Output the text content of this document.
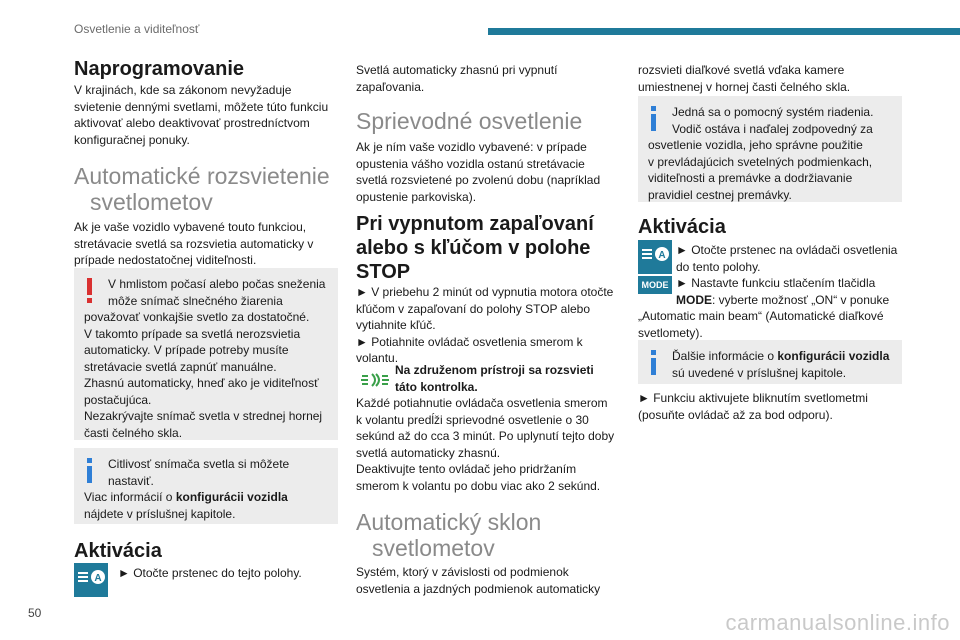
Osvetlenie a viditeľnosť
Naprogramovanie
V krajinách, kde sa zákonom nevyžaduje
svietenie dennými svetlami, môžete túto funkciu
aktivovať alebo deaktivovať prostredníctvom
konfiguračnej ponuky.
Automatické rozsvietenie
svetlometov
Ak je vaše vozidlo vybavené touto funkciou,
stretávacie svetlá sa rozsvietia automaticky v
prípade nedostatočnej viditeľnosti.
V hmlistom počasí alebo počas sneženia
môže snímač slnečného žiarenia
považovať vonkajšie svetlo za dostatočné.
V takomto prípade sa svetlá nerozsvietia
automaticky. V prípade potreby musíte
stretávacie svetlá zapnúť manuálne.
Zhasnú automaticky, hneď ako je viditeľnosť
postačujúca.
Nezakrývajte snímač svetla v strednej hornej
časti čelného skla.
Citlivosť snímača svetla si môžete
nastaviť.
Viac informácií o konfigurácii vozidla
nájdete v príslušnej kapitole.
Aktivácia
A ► Otočte prstenec do tejto polohy.
Svetlá automaticky zhasnú pri vypnutí
zapaľovania.
Sprievodné osvetlenie
Ak je ním vaše vozidlo vybavené: v prípade
opustenia vášho vozidla ostanú stretávacie
svetlá rozsvietené po zvolenú dobu (napríklad
opustenie parkoviska).
Pri vypnutom zapaľovaní
alebo s kľúčom v polohe
STOP
► V priebehu 2 minút od vypnutia motora otočte
kľúčom v zapaľovaní do polohy STOP alebo
vytiahnite kľúč.
► Potiahnite ovládač osvetlenia smerom k
volantu.
Na združenom prístroji sa rozsvieti
táto kontrolka.
Každé potiahnutie ovládača osvetlenia smerom
k volantu predĺži sprievodné osvetlenie o 30
sekúnd až do cca 3 minút. Po uplynutí tejto doby
svetlá automaticky zhasnú.
Deaktivujte tento ovládač jeho pridržaním
smerom k volantu po dobu viac ako 2 sekúnd.
Automatický sklon
svetlometov
Systém, ktorý v závislosti od podmienok
osvetlenia a jazdných podmienok automaticky
rozsvieti diaľkové svetlá vďaka kamere
umiestnenej v hornej časti čelného skla.
Jedná sa o pomocný systém riadenia.
Vodič ostáva i naďalej zodpovedný za
osvetlenie vozidla, jeho správne použitie
v prevládajúcich svetelných podmienkach,
viditeľnosti a premávke a dodržiavanie
pravidiel cestnej premávky.
Aktivácia
A
MODE
► Otočte prstenec na ovládači osvetlenia
do tento polohy.
► Nastavte funkciu stlačením tlačidla
MODE: vyberte možnosť „ON“ v ponuke
„Automatic main beam“ (Automatické diaľkové
svetlomety).
Ďalšie informácie o konfigurácii vozidla
sú uvedené v príslušnej kapitole.
► Funkciu aktivujete bliknutím svetlometmi
(posuňte ovládač až za bod odporu).
50	carmanualsonline.info
